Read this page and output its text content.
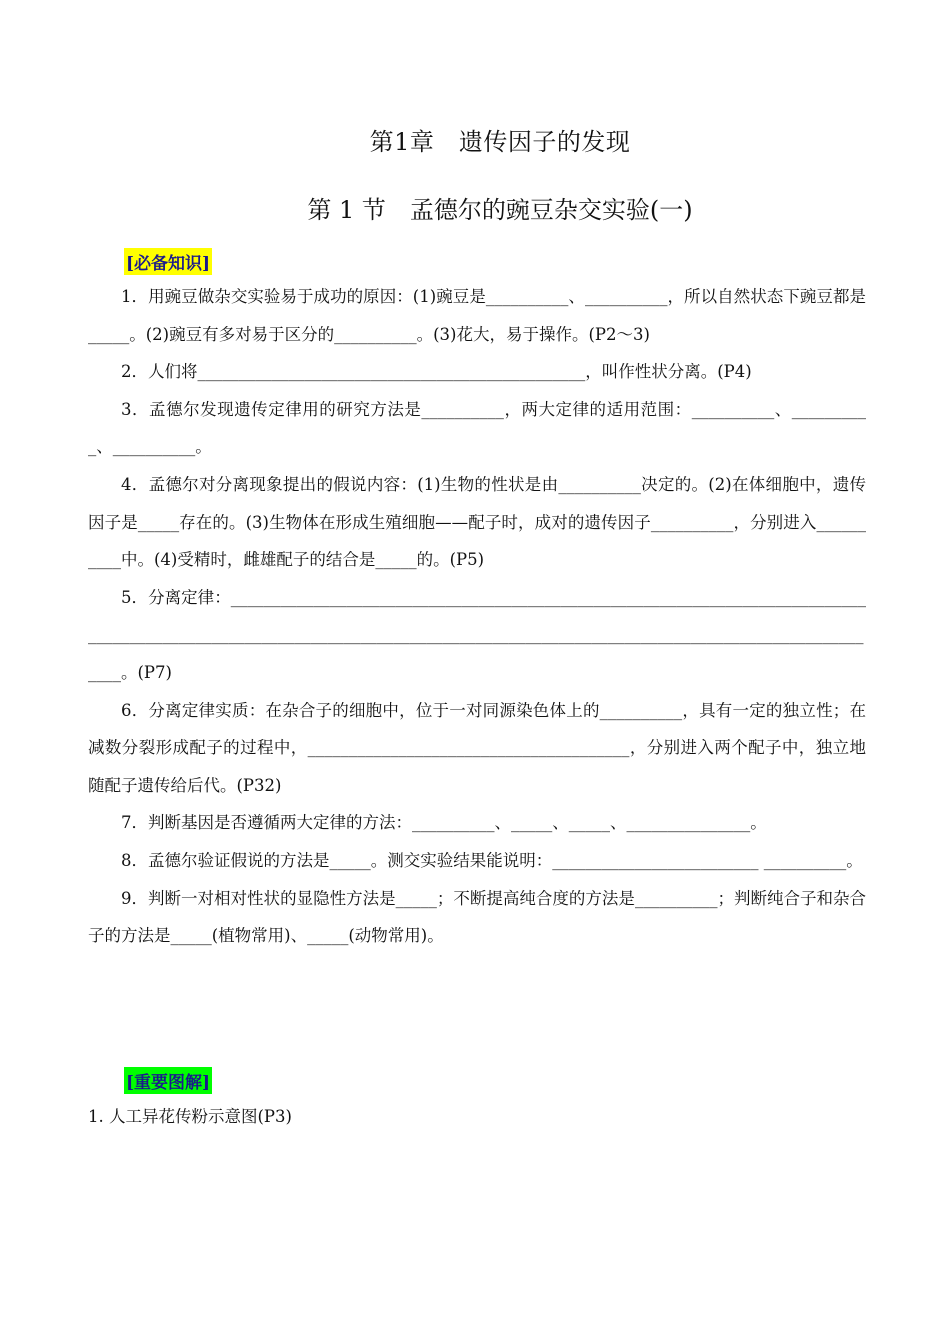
第1章　遗传因子的发现
第 1 节　孟德尔的豌豆杂交实验(一)
[必备知识]

1．用豌豆做杂交实验易于成功的原因：(1)豌豆是__________、__________，所以自然状态下豌豆都是_____。(2)豌豆有多对易于区分的__________。(3)花大，易于操作。(P2～3)

2．人们将_______________________________________________，叫作性状分离。(P4)

3．孟德尔发现遗传定律用的研究方法是__________，两大定律的适用范围：__________、__________、__________。

4．孟德尔对分离现象提出的假说内容：(1)生物的性状是由__________决定的。(2)在体细胞中，遗传因子是_____存在的。(3)生物体在形成生殖细胞——配子时，成对的遗传因子__________，分别进入__________中。(4)受精时，雌雄配子的结合是_____的。(P5)

5．分离定律：_______________________________________________________________________________________________________________________________________________________________________________。(P7)

6．分离定律实质：在杂合子的细胞中，位于一对同源染色体上的__________，具有一定的独立性；在减数分裂形成配子的过程中，_______________________________________，分别进入两个配子中，独立地随配子遗传给后代。(P32)

7．判断基因是否遵循两大定律的方法：__________、_____、_____、_______________。

8．孟德尔验证假说的方法是_____。测交实验结果能说明：_________________________ __________。

9．判断一对相对性状的显隐性方法是_____；不断提高纯合度的方法是__________；判断纯合子和杂合子的方法是_____(植物常用)、_____(动物常用)。

[重要图解]
1. 人工异花传粉示意图(P3)
